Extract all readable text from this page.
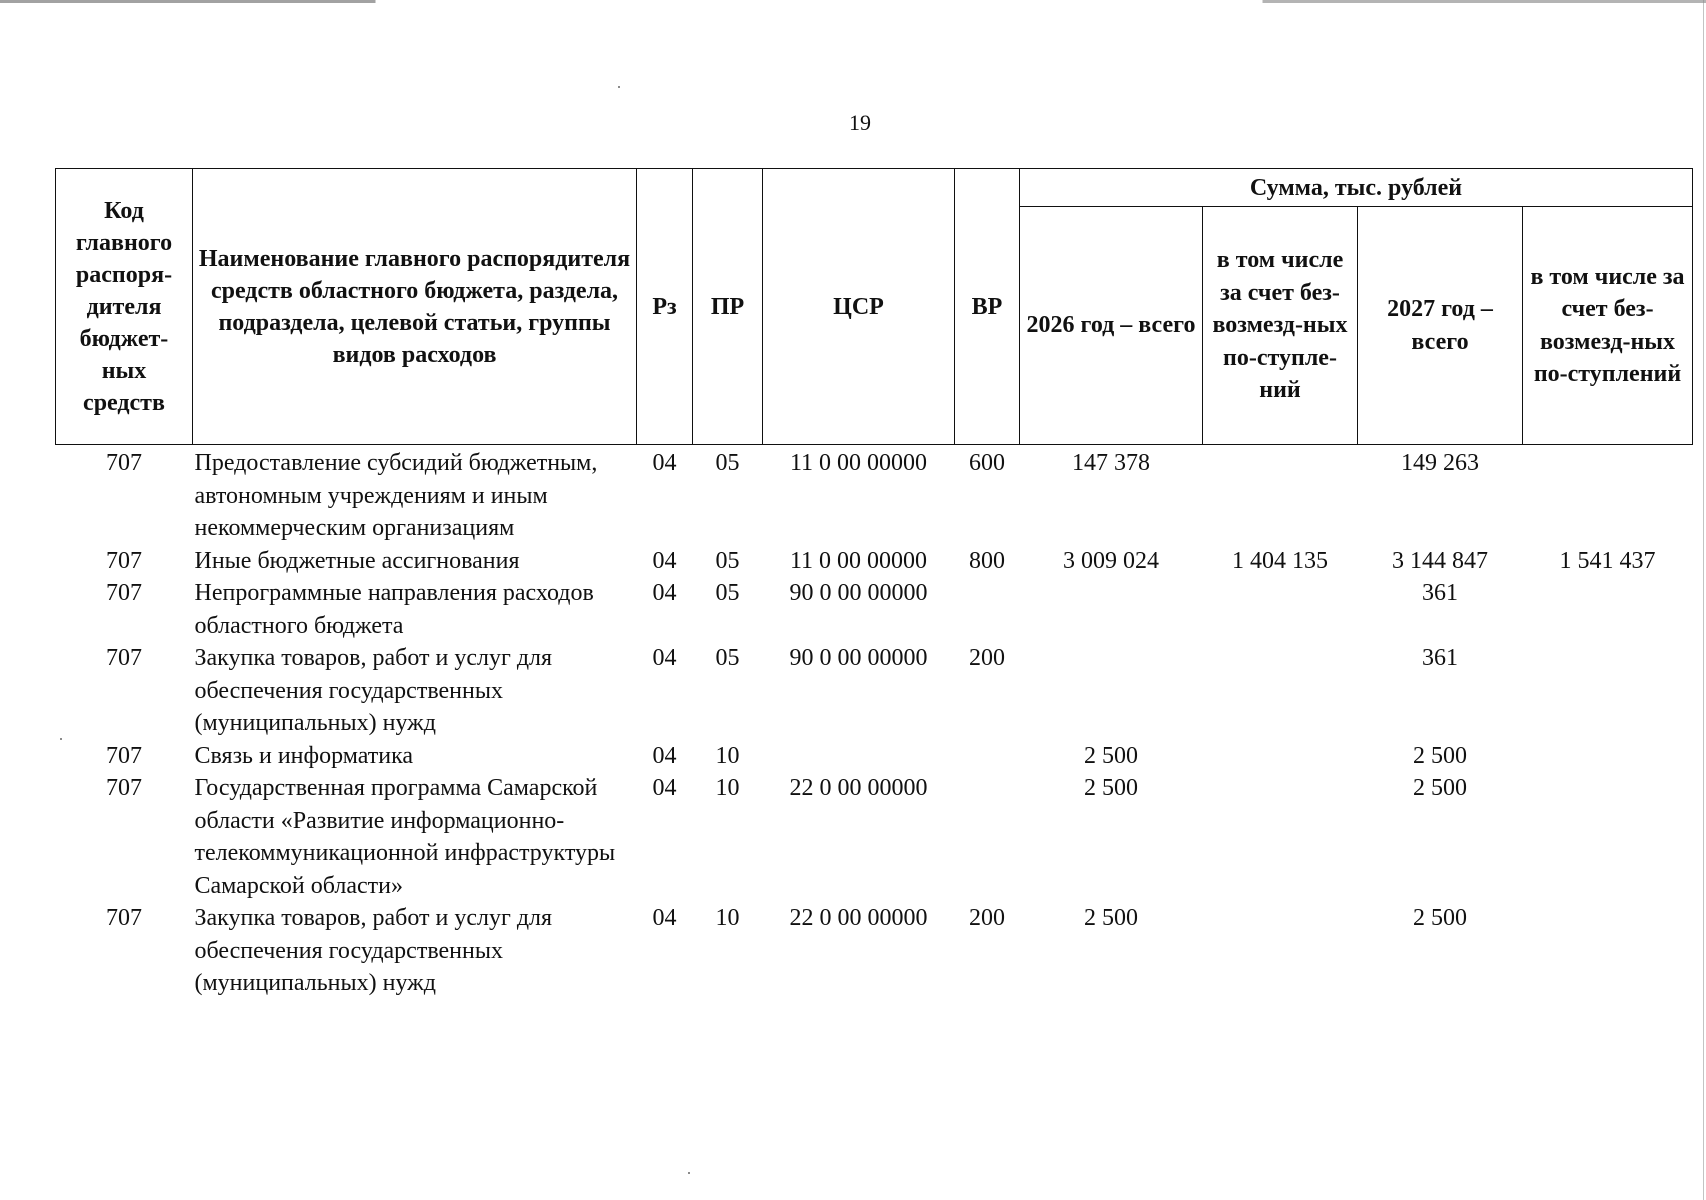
19
Код главного распоря-дителя бюджет-ных средств	Наименование главного распорядителя средств областного бюджета, раздела, подраздела, целевой статьи, группы видов расходов	Рз	ПР	ЦСР	ВР	Сумма, тыс. рублей			
						2026 год – всего	в том числе за счет без-возмезд-ных по-ступле-ний	2027 год – всего	в том числе за счет без-возмезд-ных по-ступлений
707	Предоставление субсидий бюджетным, автономным учреждениям и иным некоммерческим организациям	04	05	11 0 00 00000	600	147 378		149 263	
707	Иные бюджетные ассигнования	04	05	11 0 00 00000	800	3 009 024	1 404 135	3 144 847	1 541 437
707	Непрограммные направления расходов областного бюджета	04	05	90 0 00 00000				361	
707	Закупка товаров, работ и услуг для обеспечения государственных (муниципальных) нужд	04	05	90 0 00 00000	200			361	
707	Связь и информатика	04	10			2 500		2 500	
707	Государственная программа Самарской области «Развитие информационно-телекоммуникационной инфраструктуры Самарской области»	04	10	22 0 00 00000		2 500		2 500	
707	Закупка товаров, работ и услуг для обеспечения государственных (муниципальных) нужд	04	10	22 0 00 00000	200	2 500		2 500	
